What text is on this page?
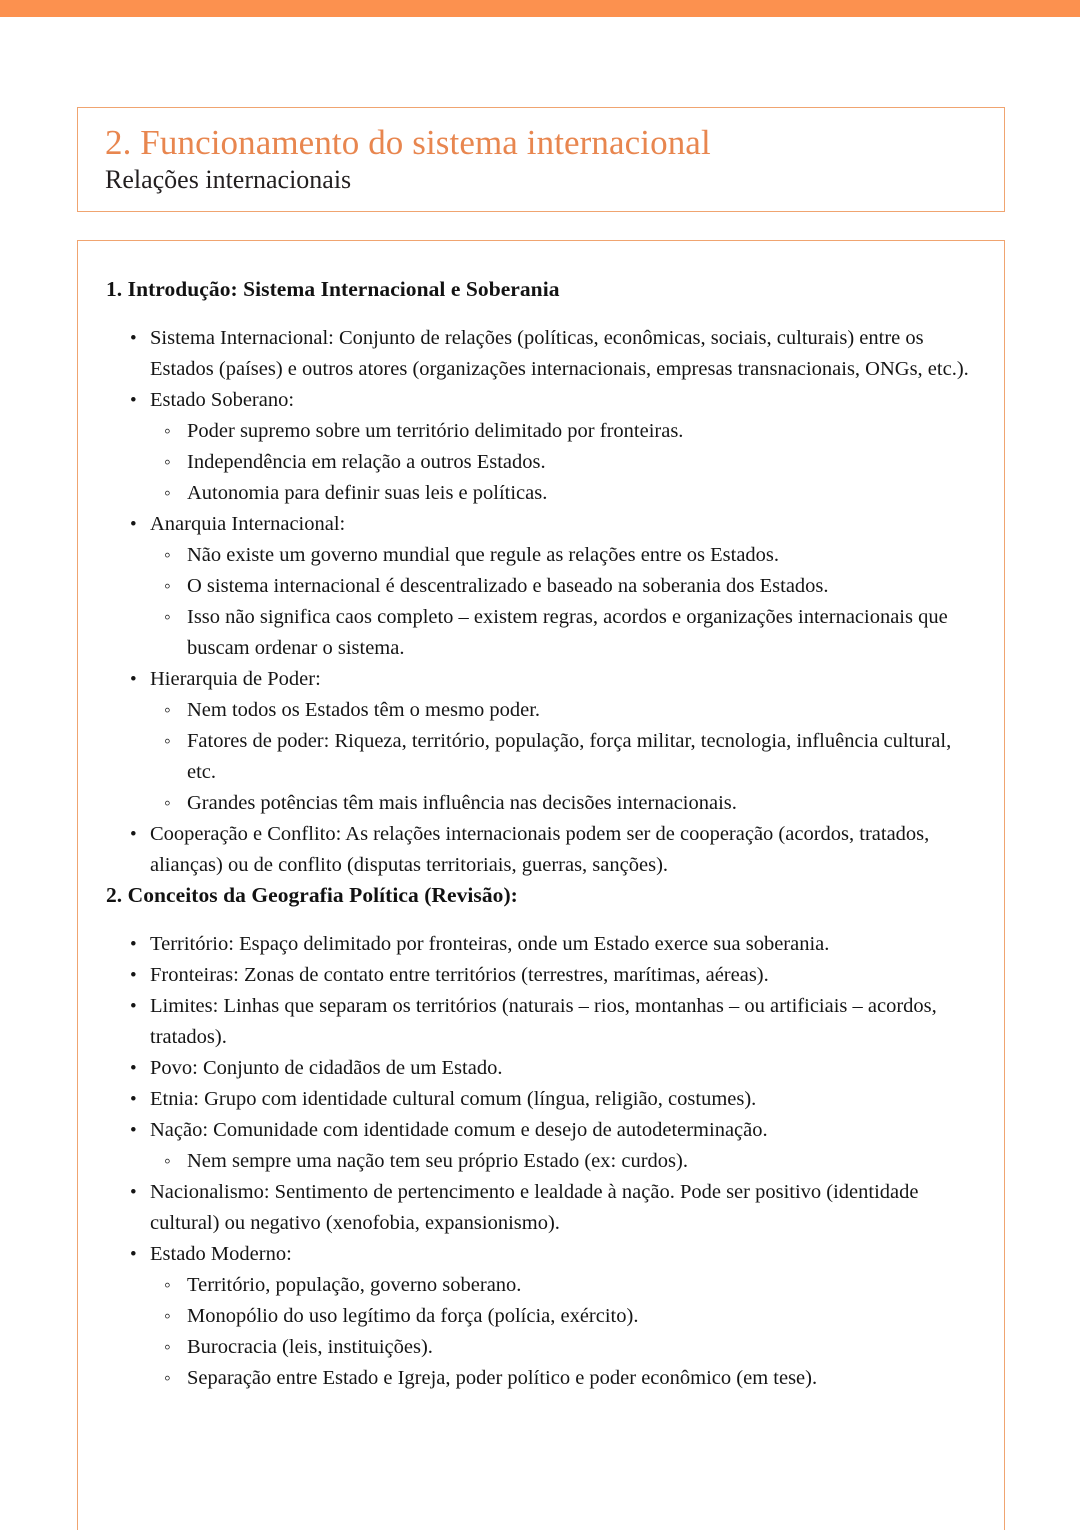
2. Funcionamento do sistema internacional
Relações internacionais
1. Introdução: Sistema Internacional e Soberania
• Sistema Internacional: Conjunto de relações (políticas, econômicas, sociais, culturais) entre os Estados (países) e outros atores (organizações internacionais, empresas transnacionais, ONGs, etc.).
• Estado Soberano:
◦ Poder supremo sobre um território delimitado por fronteiras.
◦ Independência em relação a outros Estados.
◦ Autonomia para definir suas leis e políticas.
• Anarquia Internacional:
◦ Não existe um governo mundial que regule as relações entre os Estados.
◦ O sistema internacional é descentralizado e baseado na soberania dos Estados.
◦ Isso não significa caos completo – existem regras, acordos e organizações internacionais que buscam ordenar o sistema.
• Hierarquia de Poder:
◦ Nem todos os Estados têm o mesmo poder.
◦ Fatores de poder: Riqueza, território, população, força militar, tecnologia, influência cultural, etc.
◦ Grandes potências têm mais influência nas decisões internacionais.
• Cooperação e Conflito: As relações internacionais podem ser de cooperação (acordos, tratados, alianças) ou de conflito (disputas territoriais, guerras, sanções).
2. Conceitos da Geografia Política (Revisão):
• Território: Espaço delimitado por fronteiras, onde um Estado exerce sua soberania.
• Fronteiras: Zonas de contato entre territórios (terrestres, marítimas, aéreas).
• Limites: Linhas que separam os territórios (naturais – rios, montanhas – ou artificiais – acordos, tratados).
• Povo: Conjunto de cidadãos de um Estado.
• Etnia: Grupo com identidade cultural comum (língua, religião, costumes).
• Nação: Comunidade com identidade comum e desejo de autodeterminação.
◦ Nem sempre uma nação tem seu próprio Estado (ex: curdos).
• Nacionalismo: Sentimento de pertencimento e lealdade à nação. Pode ser positivo (identidade cultural) ou negativo (xenofobia, expansionismo).
• Estado Moderno:
◦ Território, população, governo soberano.
◦ Monopólio do uso legítimo da força (polícia, exército).
◦ Burocracia (leis, instituições).
◦ Separação entre Estado e Igreja, poder político e poder econômico (em tese).
